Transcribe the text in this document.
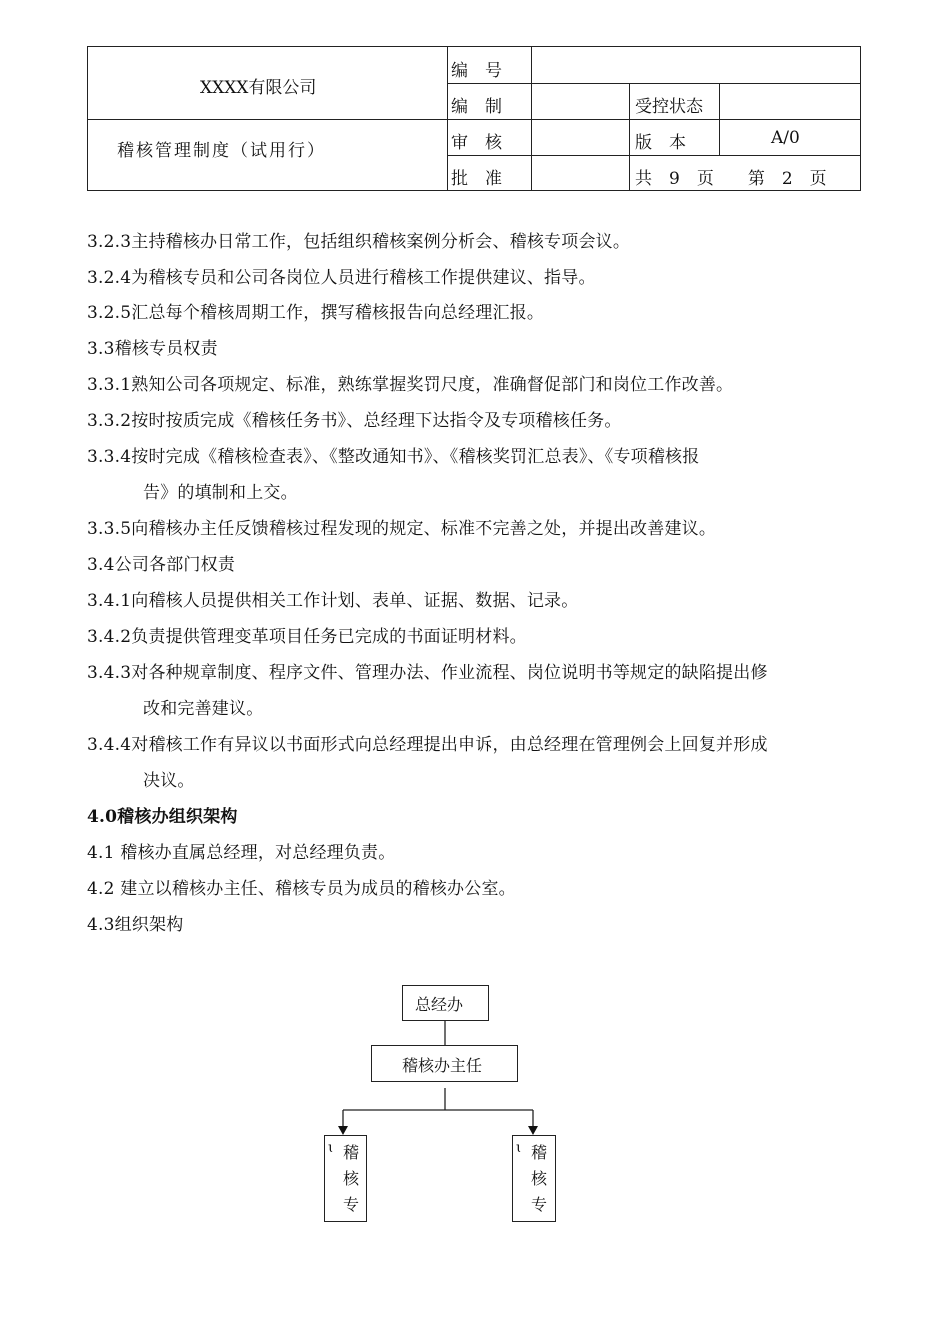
XXXX有限公司
稽核管理制度（试用行）
编　号
编　制
审　核
批　准
受控状态
版　本	A/0
共　9　页　　第　2　页
3.2.3主持稽核办日常工作，包括组织稽核案例分析会、稽核专项会议。
3.2.4为稽核专员和公司各岗位人员进行稽核工作提供建议、指导。
3.2.5汇总每个稽核周期工作，撰写稽核报告向总经理汇报。
3.3稽核专员权责
3.3.1熟知公司各项规定、标准，熟练掌握奖罚尺度，准确督促部门和岗位工作改善。
3.3.2按时按质完成《稽核任务书》、总经理下达指令及专项稽核任务。
3.3.4按时完成《稽核检查表》、《整改通知书》、《稽核奖罚汇总表》、《专项稽核报
告》的填制和上交。
3.3.5向稽核办主任反馈稽核过程发现的规定、标准不完善之处，并提出改善建议。
3.4公司各部门权责
3.4.1向稽核人员提供相关工作计划、表单、证据、数据、记录。
3.4.2负责提供管理变革项目任务已完成的书面证明材料。
3.4.3对各种规章制度、程序文件、管理办法、作业流程、岗位说明书等规定的缺陷提出修
改和完善建议。
3.4.4对稽核工作有异议以书面形式向总经理提出申诉，由总经理在管理例会上回复并形成
决议。
4.0稽核办组织架构
4.1 稽核办直属总经理，对总经理负责。
4.2 建立以稽核办主任、稽核专员为成员的稽核办公室。
4.3组织架构
总经办
稽核办主任
ɩ 稽
核
专
ɩ 稽
核
专
